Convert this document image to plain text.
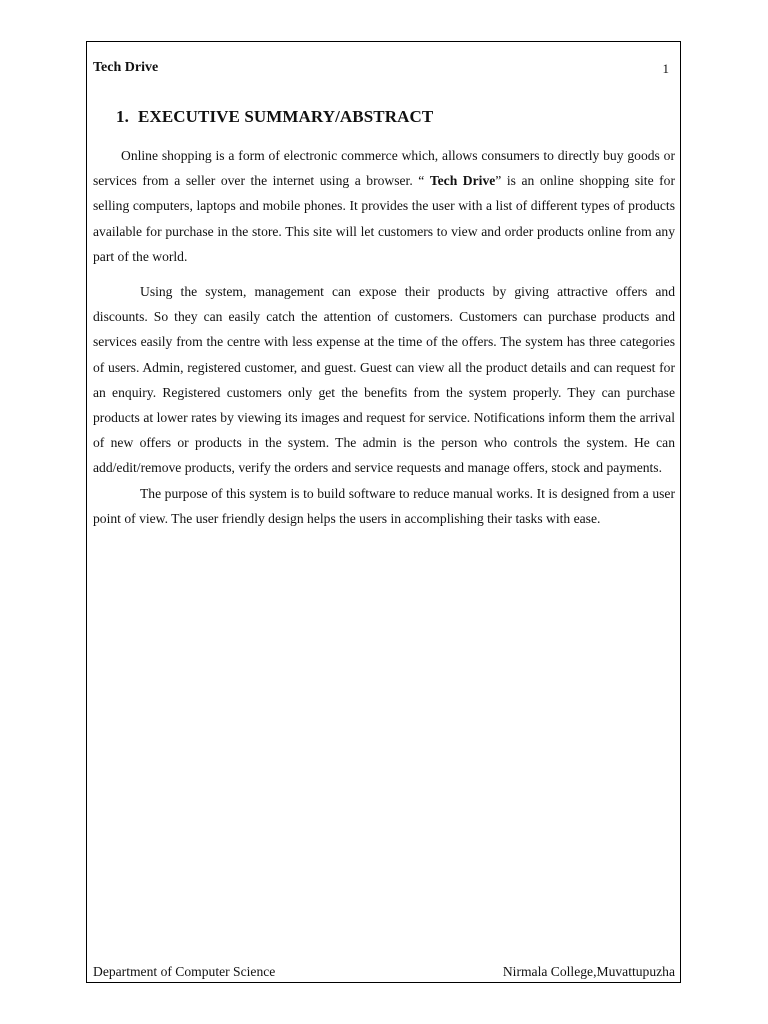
Tech Drive	1
1. EXECUTIVE SUMMARY/ABSTRACT

Online shopping is a form of electronic commerce which, allows consumers to directly buy goods or services from a seller over the internet using a browser. “ Tech Drive” is an online shopping site for selling computers, laptops and mobile phones. It provides the user with a list of different types of products available for purchase in the store. This site will let customers to view and order products online from any part of the world.

Using the system, management can expose their products by giving attractive offers and discounts. So they can easily catch the attention of customers. Customers can purchase products and services easily from the centre with less expense at the time of the offers. The system has three categories of users. Admin, registered customer, and guest. Guest can view all the product details and can request for an enquiry. Registered customers only get the benefits from the system properly. They can purchase products at lower rates by viewing its images and request for service. Notifications inform them the arrival of new offers or products in the system. The admin is the person who controls the system. He can add/edit/remove products, verify the orders and service requests and manage offers, stock and payments.

The purpose of this system is to build software to reduce manual works. It is designed from a user point of view. The user friendly design helps the users in accomplishing their tasks with ease.

Department of Computer Science	Nirmala College,Muvattupuzha
